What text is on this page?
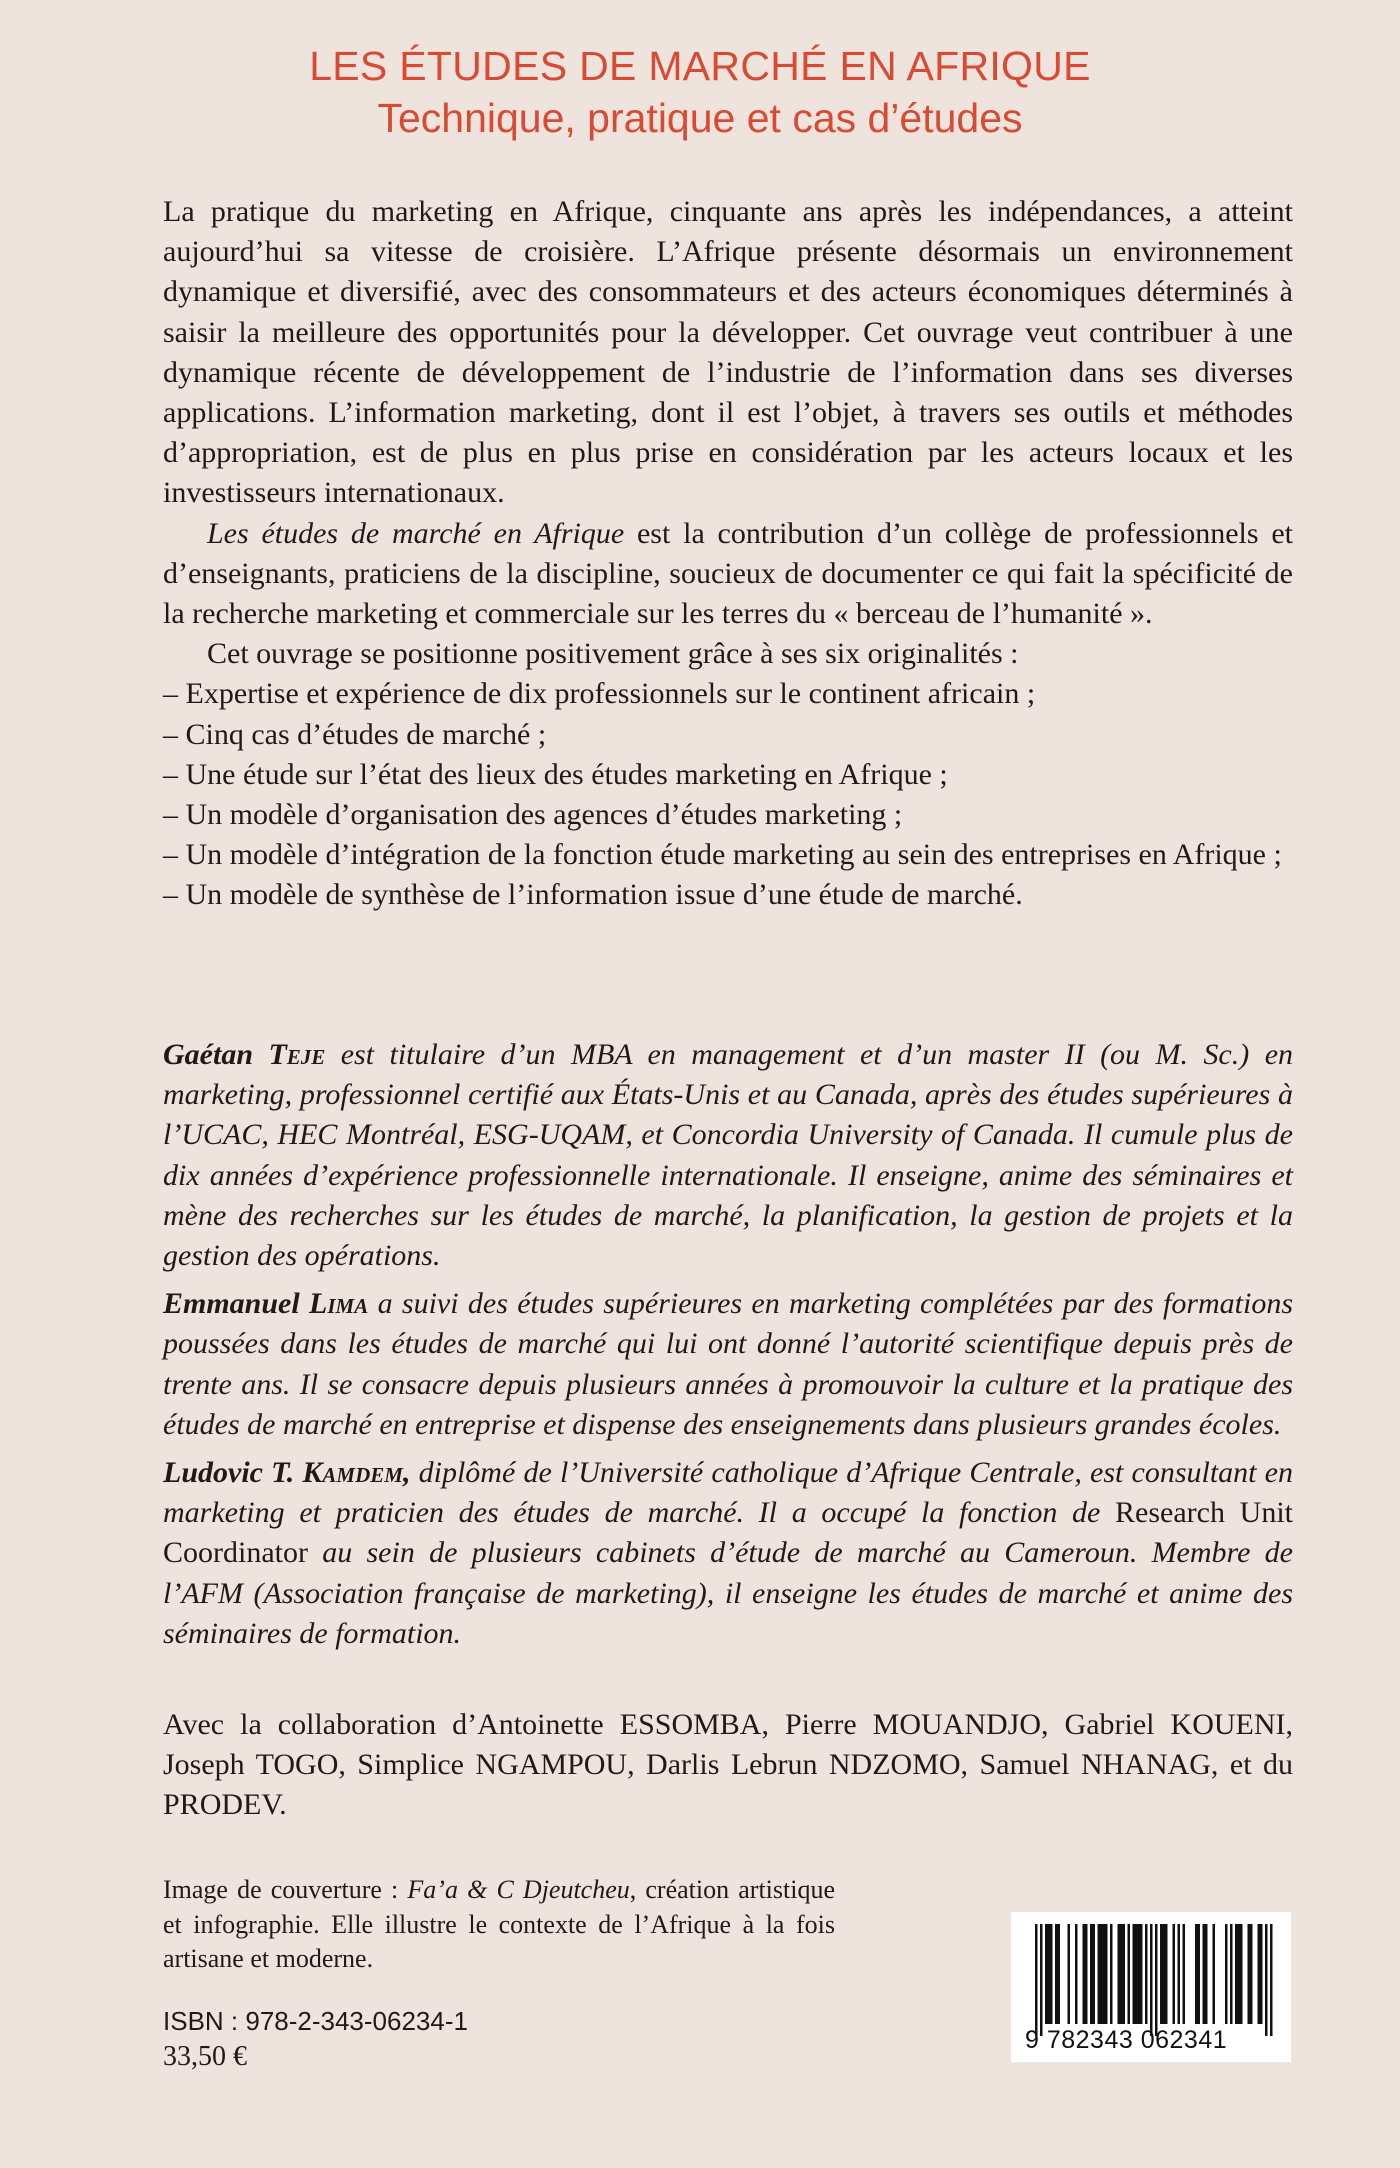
LES ÉTUDES DE MARCHÉ EN AFRIQUE
Technique, pratique et cas d’études

La pratique du marketing en Afrique, cinquante ans après les indépendances, a atteint aujourd’hui sa vitesse de croisière. L’Afrique présente désormais un environnement dynamique et diversifié, avec des consommateurs et des acteurs économiques déterminés à saisir la meilleure des opportunités pour la développer. Cet ouvrage veut contribuer à une dynamique récente de développement de l’industrie de l’information dans ses diverses applications. L’information marketing, dont il est l’objet, à travers ses outils et méthodes d’appropriation, est de plus en plus prise en considération par les acteurs locaux et les investisseurs internationaux.

Les études de marché en Afrique est la contribution d’un collège de professionnels et d’enseignants, praticiens de la discipline, soucieux de documenter ce qui fait la spécificité de la recherche marketing et commerciale sur les terres du « berceau de l’humanité ».

Cet ouvrage se positionne positivement grâce à ses six originalités :

– Expertise et expérience de dix professionnels sur le continent africain ;
– Cinq cas d’études de marché ;
– Une étude sur l’état des lieux des études marketing en Afrique ;
– Un modèle d’organisation des agences d’études marketing ;
– Un modèle d’intégration de la fonction étude marketing au sein des entreprises en Afrique ;
– Un modèle de synthèse de l’information issue d’une étude de marché.

Gaétan Teje est titulaire d’un MBA en management et d’un master II (ou M. Sc.) en marketing, professionnel certifié aux États-Unis et au Canada, après des études supérieures à l’UCAC, HEC Montréal, ESG-UQAM, et Concordia University of Canada. Il cumule plus de dix années d’expérience professionnelle internationale. Il enseigne, anime des séminaires et mène des recherches sur les études de marché, la planification, la gestion de projets et la gestion des opérations.

Emmanuel Lima a suivi des études supérieures en marketing complétées par des formations poussées dans les études de marché qui lui ont donné l’autorité scientifique depuis près de trente ans. Il se consacre depuis plusieurs années à promouvoir la culture et la pratique des études de marché en entreprise et dispense des enseignements dans plusieurs grandes écoles.

Ludovic T. Kamdem, diplômé de l’Université catholique d’Afrique Centrale, est consultant en marketing et praticien des études de marché. Il a occupé la fonction de Research Unit Coordinator au sein de plusieurs cabinets d’étude de marché au Cameroun. Membre de l’AFM (Association française de marketing), il enseigne les études de marché et anime des séminaires de formation.

Avec la collaboration d’Antoinette ESSOMBA, Pierre MOUANDJO, Gabriel KOUENI, Joseph TOGO, Simplice NGAMPOU, Darlis Lebrun NDZOMO, Samuel NHANAG, et du PRODEV.
Image de couverture : Fa’a & C Djeutcheu, création artistique et infographie. Elle illustre le contexte de l’Afrique à la fois artisane et moderne.
ISBN : 978-2-343-06234-1
33,50 €
9 782343 062341
